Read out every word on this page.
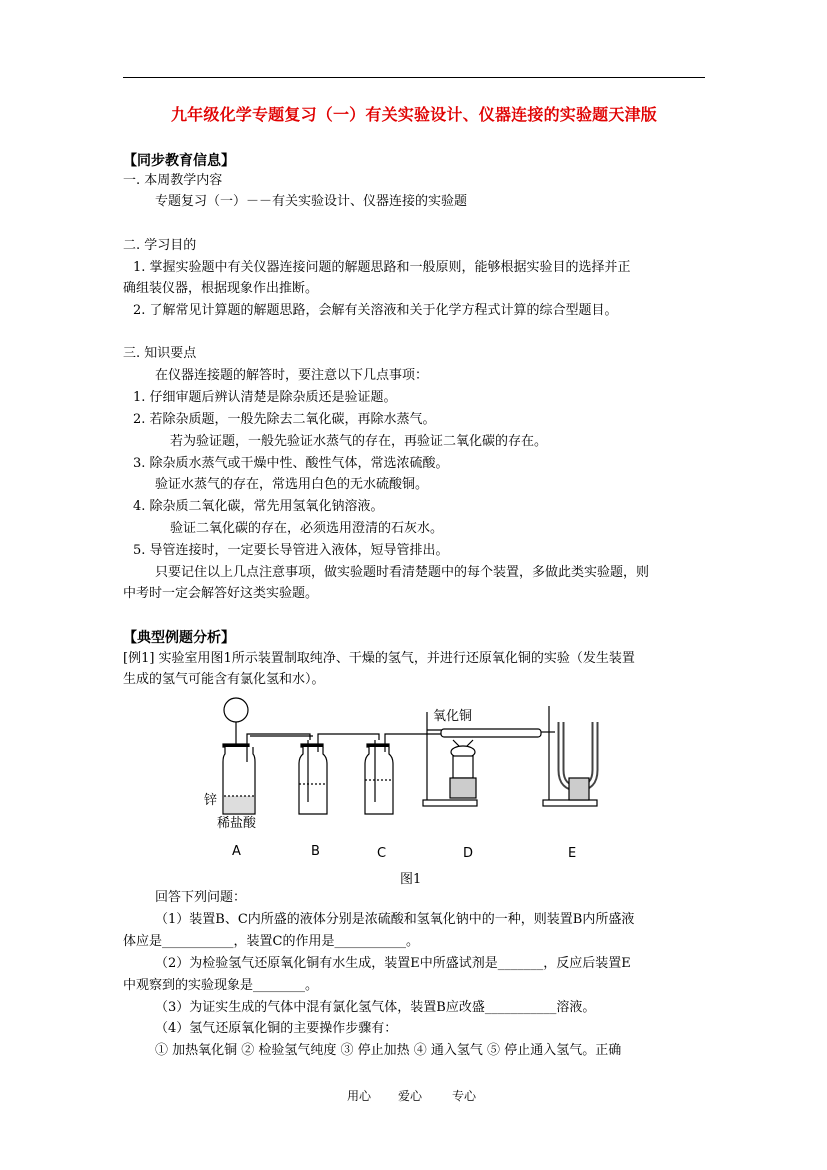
九年级化学专题复习（一）有关实验设计、仪器连接的实验题天津版
【同步教育信息】
一. 本周教学内容
专题复习（一）－－有关实验设计、仪器连接的实验题
二. 学习目的
1. 掌握实验题中有关仪器连接问题的解题思路和一般原则，能够根据实验目的选择并正
确组装仪器，根据现象作出推断。
2. 了解常见计算题的解题思路，会解有关溶液和关于化学方程式计算的综合型题目。
三. 知识要点
在仪器连接题的解答时，要注意以下几点事项：
1. 仔细审题后辨认清楚是除杂质还是验证题。
2. 若除杂质题，一般先除去二氧化碳，再除水蒸气。
若为验证题，一般先验证水蒸气的存在，再验证二氧化碳的存在。
3. 除杂质水蒸气或干燥中性、酸性气体，常选浓硫酸。
验证水蒸气的存在，常选用白色的无水硫酸铜。
4. 除杂质二氧化碳，常先用氢氧化钠溶液。
验证二氧化碳的存在，必须选用澄清的石灰水。
5. 导管连接时，一定要长导管进入液体，短导管排出。
只要记住以上几点注意事项，做实验题时看清楚题中的每个装置，多做此类实验题，则
中考时一定会解答好这类实验题。
【典型例题分析】
[例1] 实验室用图1所示装置制取纯净、干燥的氢气，并进行还原氧化铜的实验（发生装置
生成的氢气可能含有氯化氢和水）。
氧化铜
锌
稀盐酸
A	B	C	D	E
图1
回答下列问题：
（1）装置B、C内所盛的液体分别是浓硫酸和氢氧化钠中的一种，则装置B内所盛液
体应是___________，装置C的作用是___________。
（2）为检验氢气还原氧化铜有水生成，装置E中所盛试剂是_______，反应后装置E
中观察到的实验现象是________。
（3）为证实生成的气体中混有氯化氢气体，装置B应改盛___________溶液。
（4）氢气还原氧化铜的主要操作步骤有：
① 加热氧化铜 ② 检验氢气纯度 ③ 停止加热 ④ 通入氢气 ⑤ 停止通入氢气。正确
用心 爱心 专心
